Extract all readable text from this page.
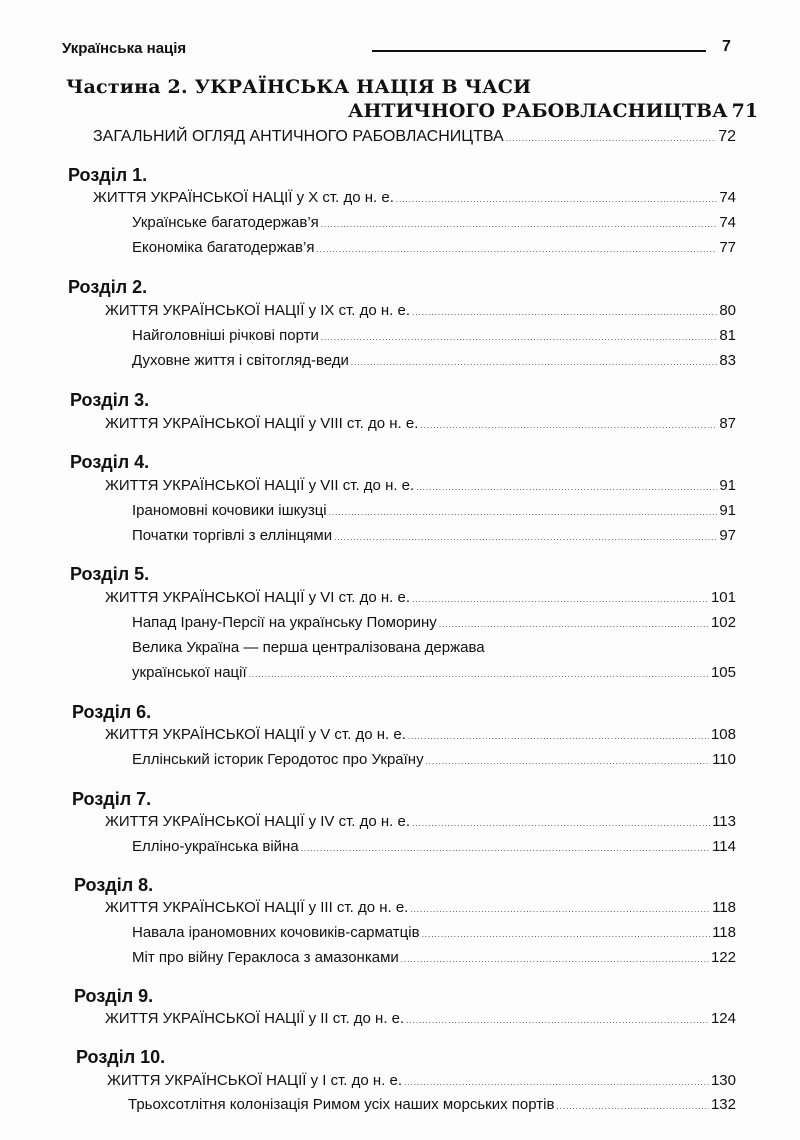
Українська нація	7
Частина 2. УКРАЇНСЬКА НАЦІЯ В ЧАСИ
АНТИЧНОГО РАБОВЛАСНИЦТВА 71
ЗАГАЛЬНИЙ ОГЛЯД АНТИЧНОГО РАБОВЛАСНИЦТВА .....	72
Розділ 1.
ЖИТТЯ УКРАЇНСЬКОЇ НАЦІЇ у X ст. до н. е. .....	74
Українське багатодержав’я .....	74
Економіка багатодержав’я .....	77
Розділ 2.
ЖИТТЯ УКРАЇНСЬКОЇ НАЦІЇ у IX ст. до н. е. .....	80
Найголовніші річкові порти .....	81
Духовне життя і світогляд-веди .....	83
Розділ 3.
ЖИТТЯ УКРАЇНСЬКОЇ НАЦІЇ у VIII ст. до н. е. .....	87
Розділ 4.
ЖИТТЯ УКРАЇНСЬКОЇ НАЦІЇ у VII ст. до н. е. .....	91
Іраномовні кочовики ішкузці .....	91
Початки торгівлі з еллінцями .....	97
Розділ 5.
ЖИТТЯ УКРАЇНСЬКОЇ НАЦІЇ у VI ст. до н. е. .....	101
Напад Ірану-Персії на українську Поморину .....	102
Велика Україна — перша централізована держава
української нації .....	105
Розділ 6.
ЖИТТЯ УКРАЇНСЬКОЇ НАЦІЇ у V ст. до н. е. .....	108
Еллінський історик Геродотос про Україну .....	110
Розділ 7.
ЖИТТЯ УКРАЇНСЬКОЇ НАЦІЇ у IV ст. до н. е. .....	113
Елліно-українська війна .....	114
Розділ 8.
ЖИТТЯ УКРАЇНСЬКОЇ НАЦІЇ у III ст. до н. е. .....	118
Навала іраномовних кочовиків-сарматців .....	118
Міт про війну Гераклоса з амазонками .....	122
Розділ 9.
ЖИТТЯ УКРАЇНСЬКОЇ НАЦІЇ у II ст. до н. е. .....	124
Розділ 10.
ЖИТТЯ УКРАЇНСЬКОЇ НАЦІЇ у I ст. до н. е. .....	130
Трьохсотлітня колонізація Римом усіх наших морських портів .....	132
